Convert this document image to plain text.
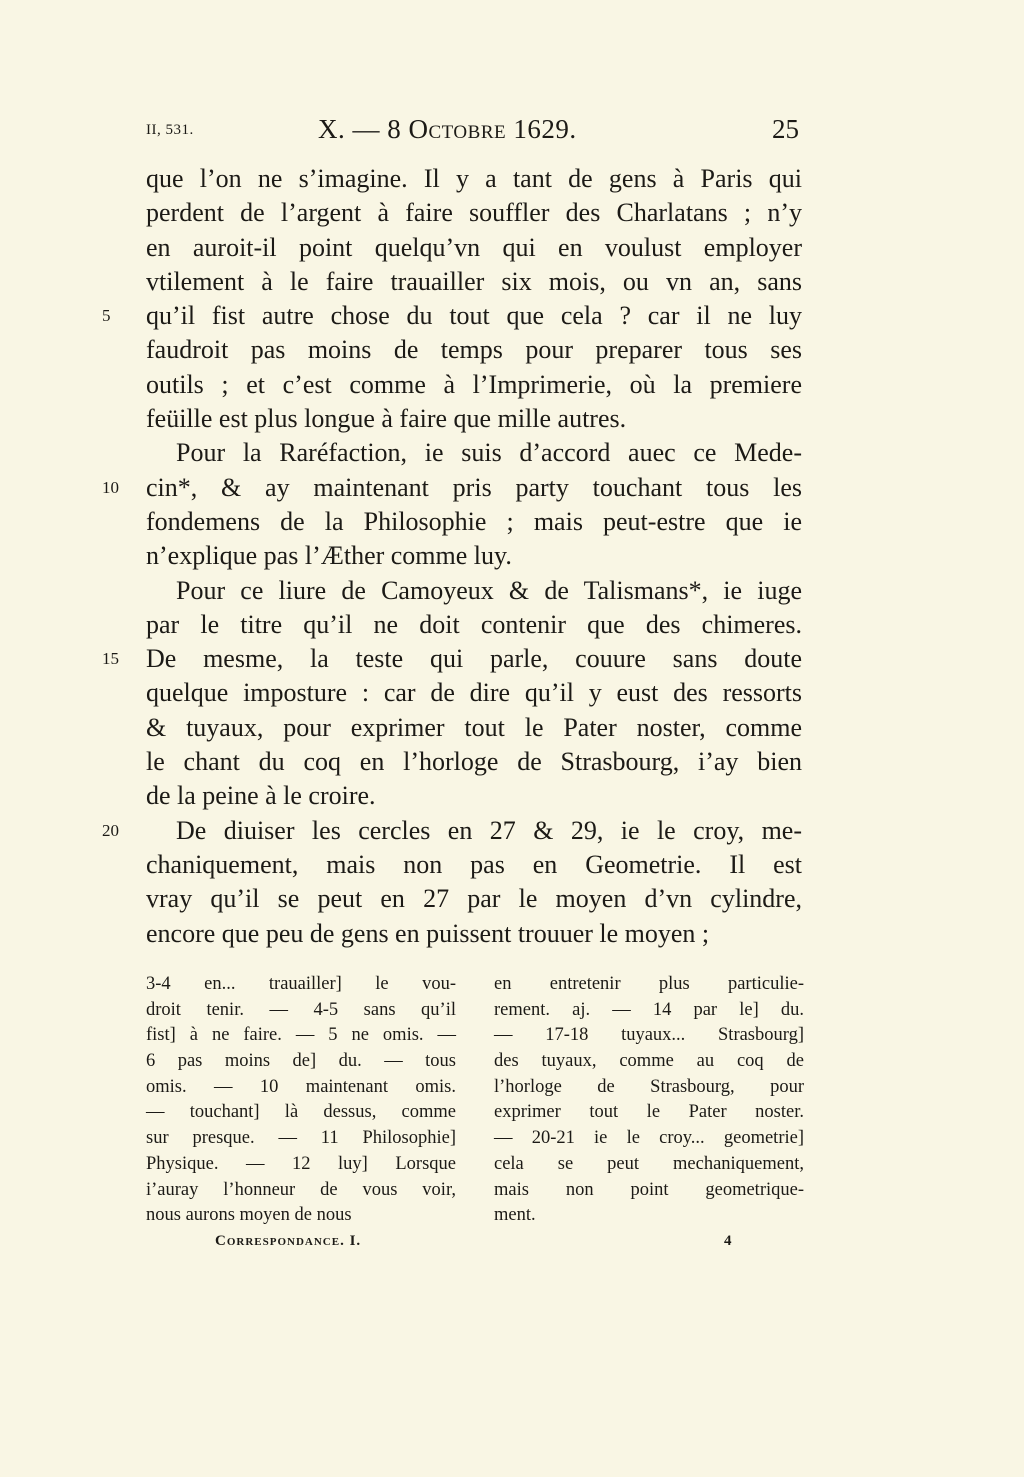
II, 531.	X. — 8 Octobre 1629.	25
que l’on ne s’imagine. Il y a tant de gens à Paris qui
perdent de l’argent à faire souffler des Charlatans ; n’y
en auroit-il point quelqu’vn qui en voulust employer
vtilement à le faire trauailler six mois, ou vn an, sans
5	qu’il fist autre chose du tout que cela ? car il ne luy
faudroit pas moins de temps pour preparer tous ses
outils ; et c’est comme à l’Imprimerie, où la premiere
feüille est plus longue à faire que mille autres.
Pour la Raréfaction, ie suis d’accord auec ce Mede-
10 cin*, & ay maintenant pris party touchant tous les
fondemens de la Philosophie ; mais peut-estre que ie
n’explique pas l’Æther comme luy.
Pour ce liure de Camoyeux & de Talismans*, ie iuge
par le titre qu’il ne doit contenir que des chimeres.
15 De mesme, la teste qui parle, couure sans doute
quelque imposture : car de dire qu’il y eust des ressorts
& tuyaux, pour exprimer tout le Pater noster, comme
le chant du coq en l’horloge de Strasbourg, i’ay bien
de la peine à le croire.
20 De diuiser les cercles en 27 & 29, ie le croy, me-
chaniquement, mais non pas en Geometrie. Il est
vray qu’il se peut en 27 par le moyen d’vn cylindre,
encore que peu de gens en puissent trouuer le moyen ;
3-4 en... trauailler] le vou-
droit tenir. — 4-5 sans qu’il
fist] à ne faire. — 5 ne omis. —
6 pas moins de] du. — tous
omis. — 10 maintenant omis.
— touchant] là dessus, comme
sur presque. — 11 Philosophie]
Physique. — 12 luy] Lorsque
i’auray l’honneur de vous voir,
nous aurons moyen de nous
en entretenir plus particulie-
rement. aj. — 14 par le] du.
— 17-18 tuyaux... Strasbourg]
des tuyaux, comme au coq de
l’horloge de Strasbourg, pour
exprimer tout le Pater noster.
— 20-21 ie le croy... geometrie]
cela se peut mechaniquement,
mais non point geometrique-
ment.
Correspondance. I.	4
